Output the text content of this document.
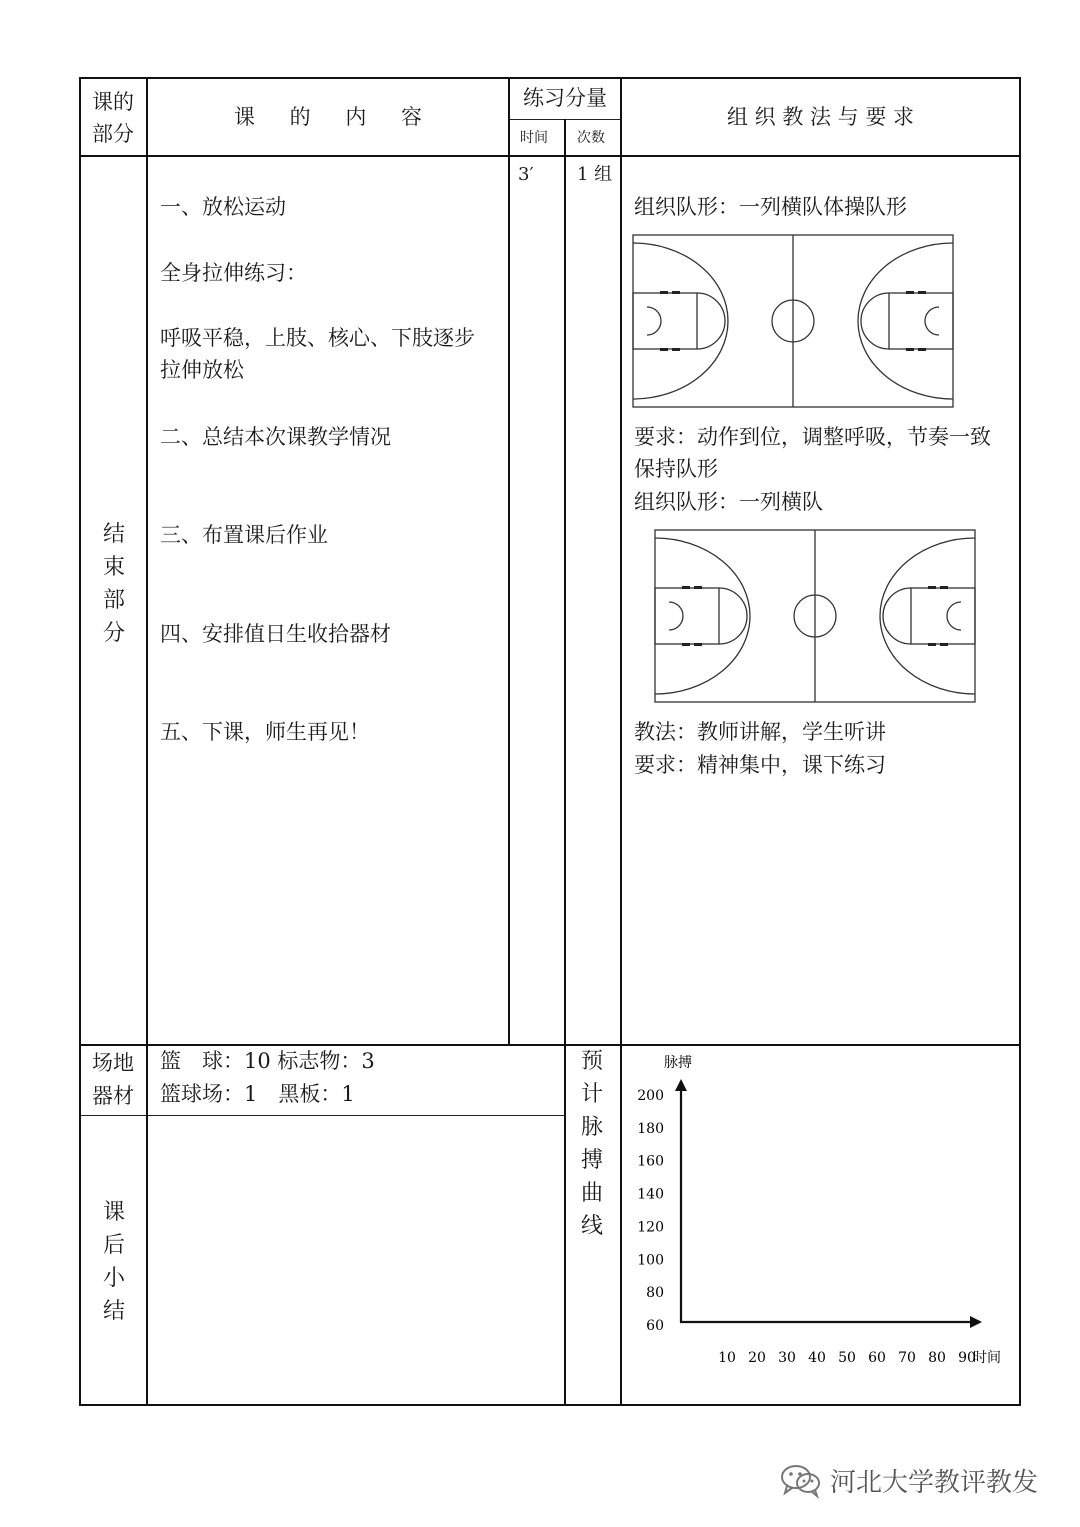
课的
部分
课 的 内 容
练习分量
时间 次数
组 织 教 法 与 要 求
结
束
部
分
3′ 1 组
一、放松运动
全身拉伸练习：
呼吸平稳，上肢、核心、下肢逐步
拉伸放松
二、总结本次课教学情况
三、布置课后作业
四、安排值日生收拾器材
五、下课，师生再见！
组织队形：一列横队体操队形
要求：动作到位，调整呼吸，节奏一致
保持队形
组织队形：一列横队
教法：教师讲解，学生听讲
要求：精神集中，课下练习
场地
器材
篮　球：10 标志物：3
篮球场：1　黑板：1
课
后
小
结
预
计
脉
搏
曲
线
脉搏
时间
200
180
160
140
120
100
80
60
10 20 30 40 50 60 70 80 90
河北大学教评教发
